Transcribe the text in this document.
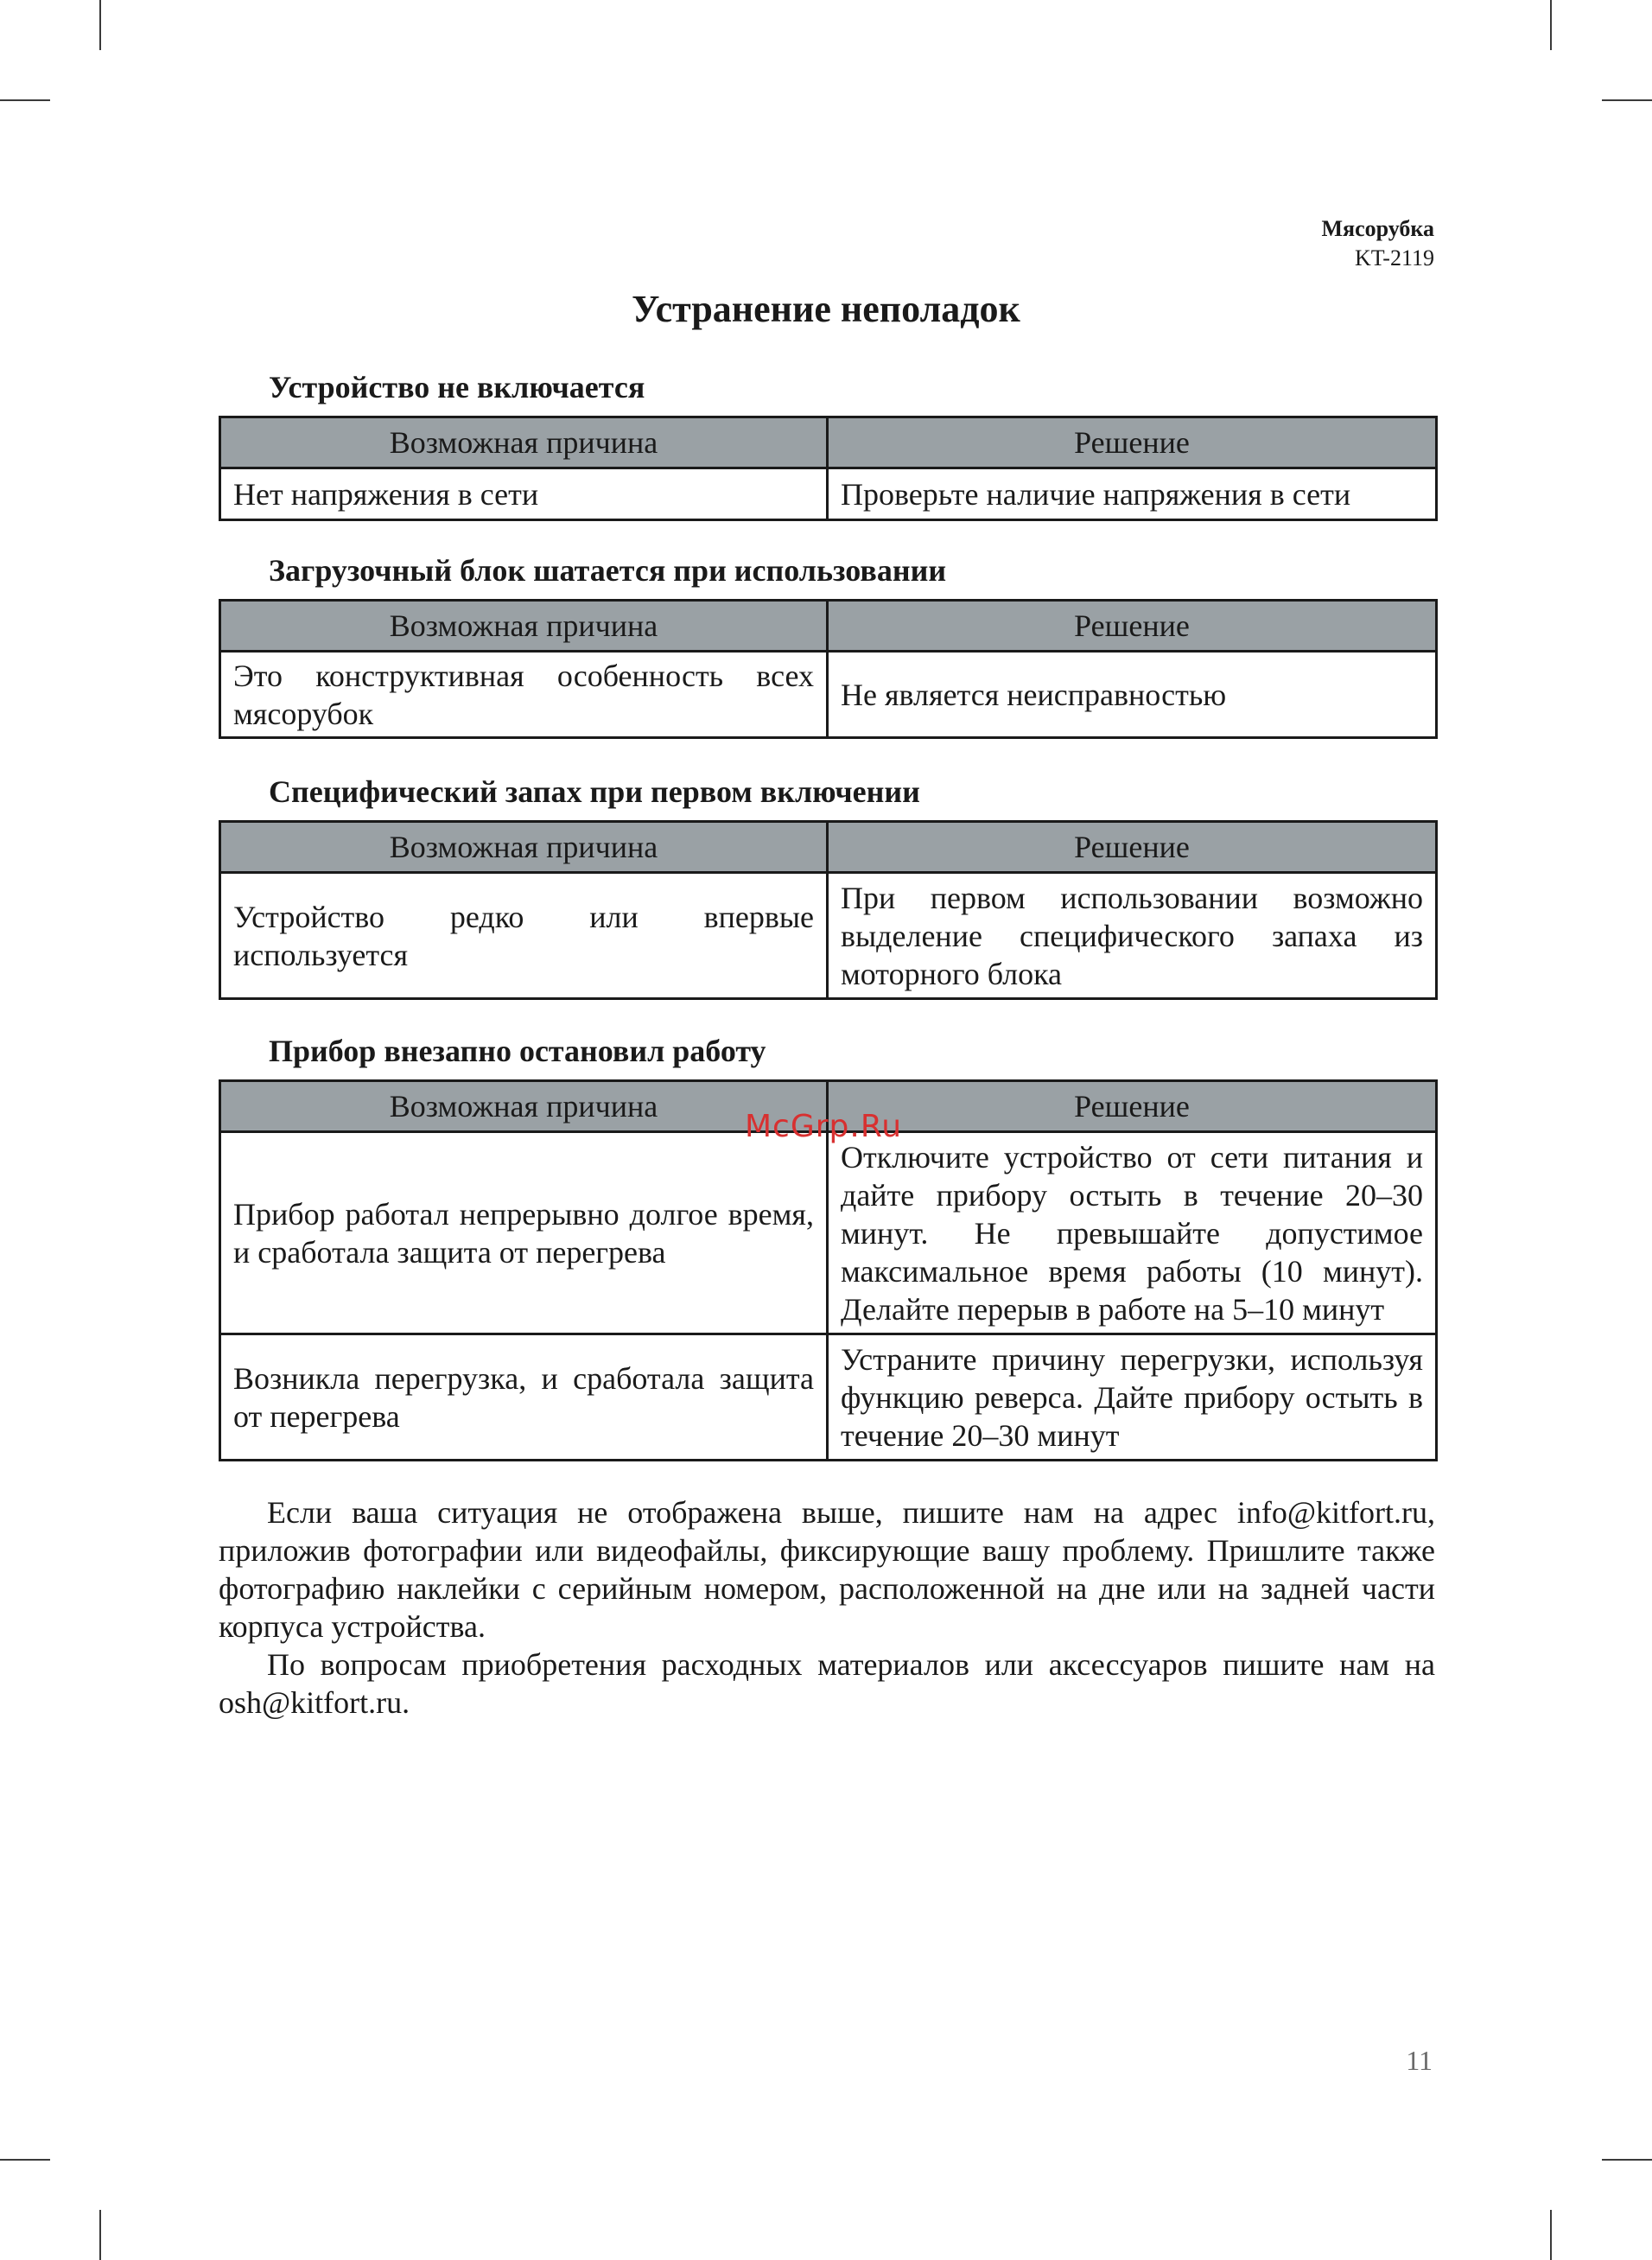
Мясорубка
KT-2119
Устранение неполадок
Устройство не включается
Возможная причина	Решение
Нет напряжения в сети	Проверьте наличие напряжения в сети
Загрузочный блок шатается при использовании
Возможная причина	Решение
Это конструктивная особенность всех мясорубок	Не является неисправностью
Специфический запах при первом включении
Возможная причина	Решение
Устройство редко или впервые используется	При первом использовании возможно выделение специфического запаха из моторного блока
Прибор внезапно остановил работу
Возможная причина	Решение
Прибор работал непрерывно долгое время, и сработала защита от перегрева	Отключите устройство от сети питания и дайте прибору остыть в течение 20–30 минут. Не превышайте допустимое максимальное время работы (10 минут). Делайте перерыв в работе на 5–10 минут
Возникла перегрузка, и сработала защита от перегрева	Устраните причину перегрузки, используя функцию реверса. Дайте прибору остыть в течение 20–30 минут
McGrp.Ru

Если ваша ситуация не отображена выше, пишите нам на адрес info@kitfort.ru, приложив фотографии или видеофайлы, фиксирующие вашу проблему. Пришлите также фотографию наклейки с серийным номером, расположенной на дне или на задней части корпуса устройства.

По вопросам приобретения расходных материалов или аксессуаров пишите нам на osh@kitfort.ru.

11
